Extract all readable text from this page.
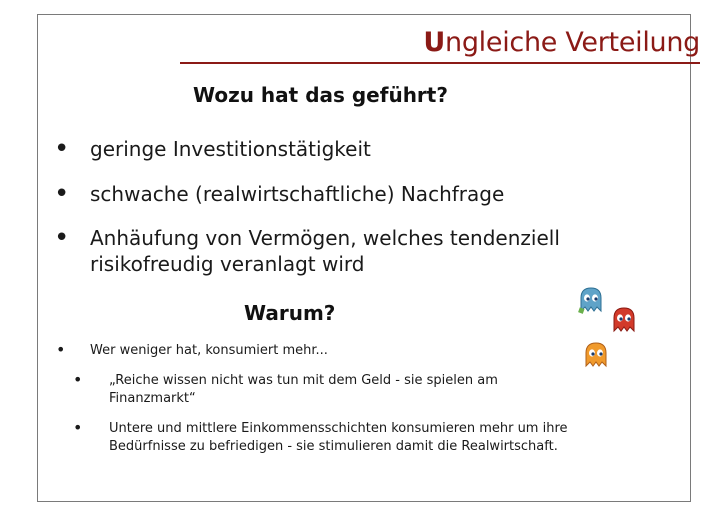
Ungleiche Verteilung
Wozu hat das geführt?
• geringe Investitionstätigkeit
• schwache (realwirtschaftliche) Nachfrage
• Anhäufung von Vermögen, welches tendenziell risikofreudig veranlagt wird
Warum?
• Wer weniger hat, konsumiert mehr...
• „Reiche wissen nicht was tun mit dem Geld - sie spielen am Finanzmarkt“
• Untere und mittlere Einkommensschichten konsumieren mehr um ihre Bedürfnisse zu befriedigen - sie stimulieren damit die Realwirtschaft.
